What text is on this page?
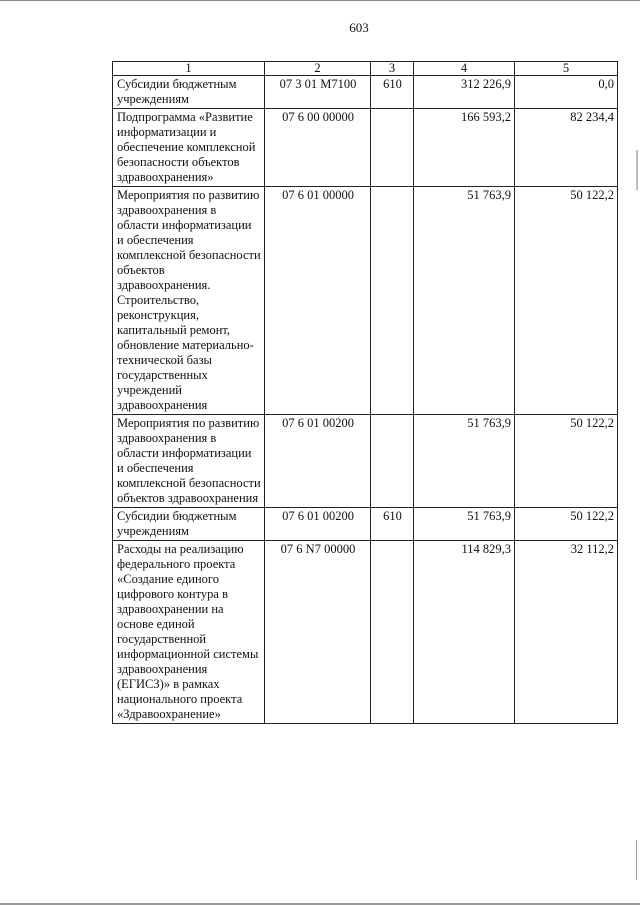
603
1	2	3	4	5
Субсидии бюджетным учреждениям	07 3 01 М7100	610	312 226,9	0,0
Подпрограмма «Развитие информатизации и обеспечение комплексной безопасности объектов здравоохранения»	07 6 00 00000		166 593,2	82 234,4
Мероприятия по развитию здравоохранения в области информатизации и обеспечения комплексной безопасности объектов здравоохранения. Строительство, реконструкция, капитальный ремонт, обновление материально-технической базы государственных учреждений здравоохранения	07 6 01 00000		51 763,9	50 122,2
Мероприятия по развитию здравоохранения в области информатизации и обеспечения комплексной безопасности объектов здравоохранения	07 6 01 00200		51 763,9	50 122,2
Субсидии бюджетным учреждениям	07 6 01 00200	610	51 763,9	50 122,2
Расходы на реализацию федерального проекта «Создание единого цифрового контура в здравоохранении на основе единой государственной информационной системы здравоохранения (ЕГИСЗ)» в рамках национального проекта «Здравоохранение»	07 6 N7 00000		114 829,3	32 112,2
